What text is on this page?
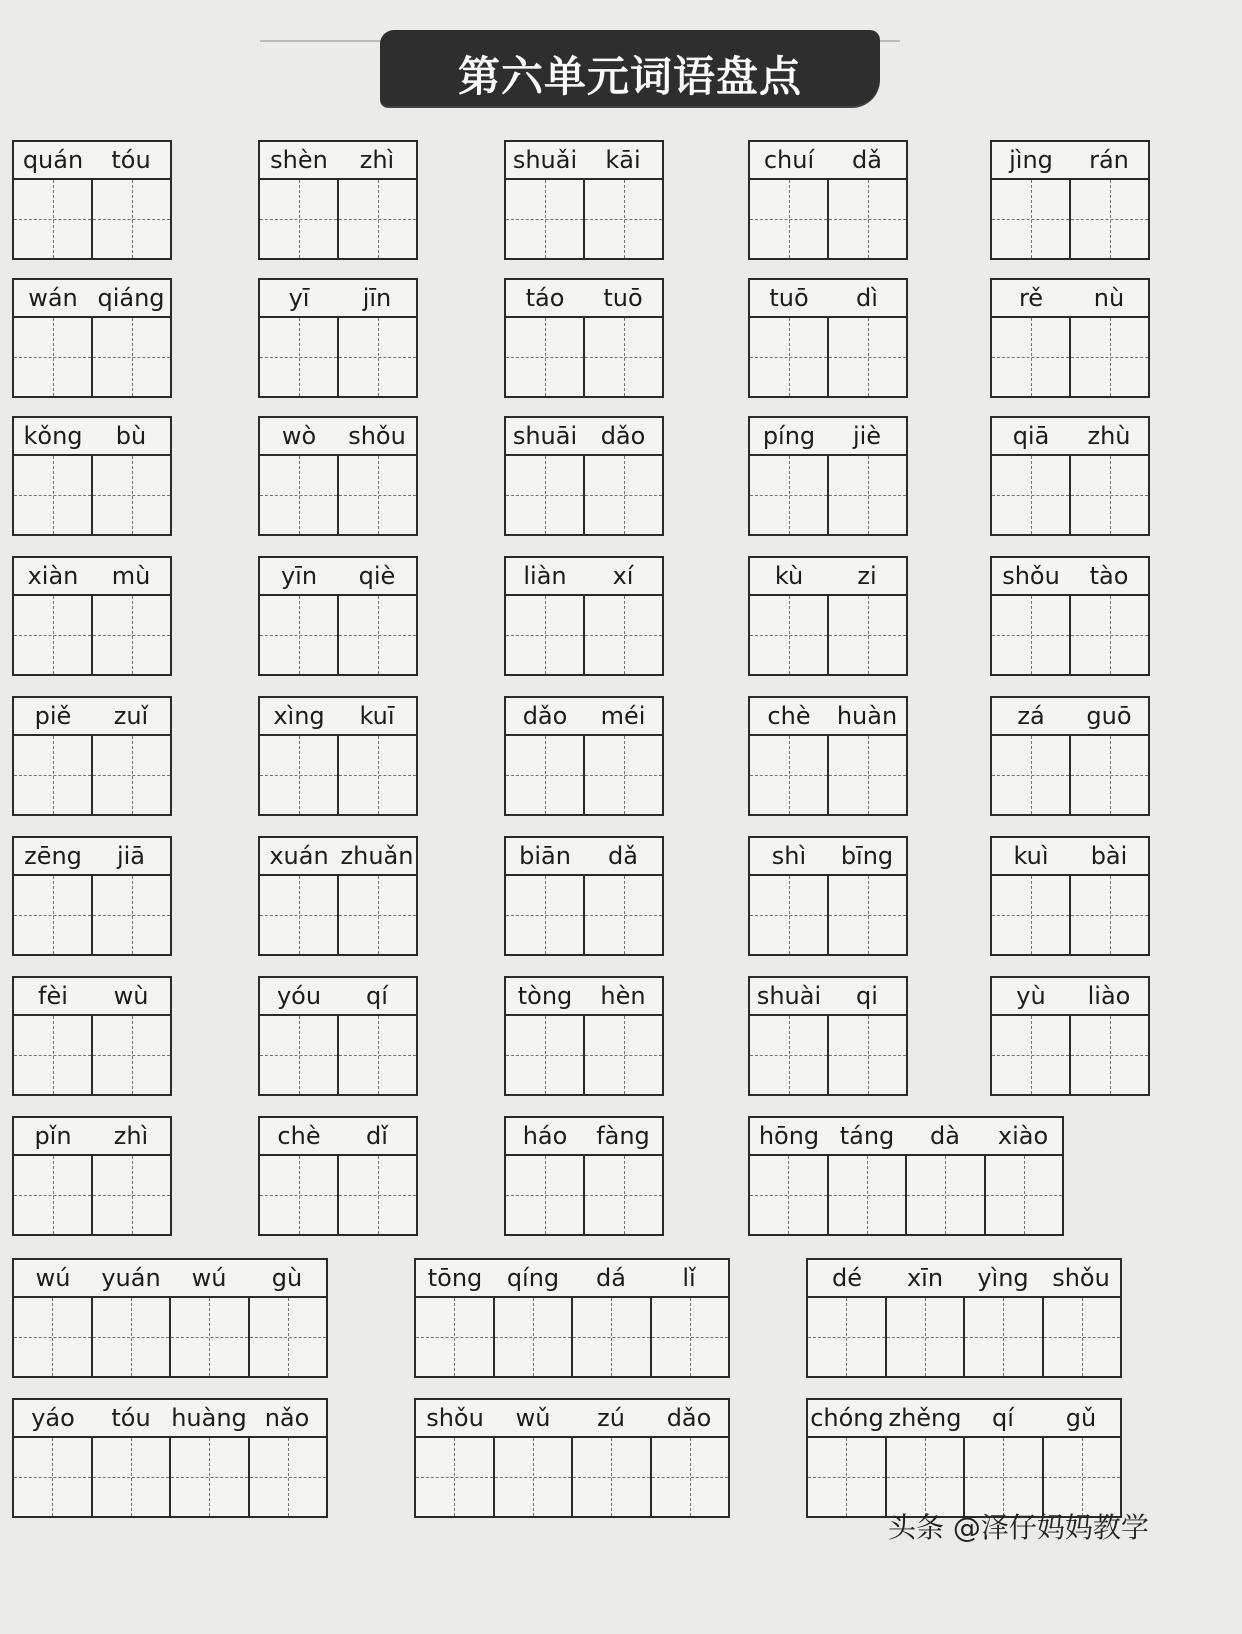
第六单元词语盘点
quán	tóu	shèn	zhì	shuǎi	kāi	chuí	dǎ	jìng	rán
wán qiáng	yī	jīn	táo	tuō	tuō	dì	rě	nù
kǒng	bù	wò	shǒu	shuāi dǎo	píng	jiè	qiā	zhù
xiàn	mù	yīn	qiè	liàn	xí	kù	zi	shǒu	tào
piě	zuǐ	xìng	kuī	dǎo	méi	chè	huàn	zá	guō
zēng	jiā	xuán zhuǎn	biān	dǎ	shì	bīng	kuì	bài
fèi	wù	yóu	qí	tòng	hèn	shuài	qi	yù	liào
pǐn	zhì	chè	dǐ	háo	fàng	hōng táng	dà	xiào
wú	yuán	wú	gù	tōng	qíng	dá	lǐ	dé	xīn	yìng shǒu
yáo	tóu huàng nǎo	shǒu	wǔ	zú	dǎo	chóng zhěng	qí	gǔ
头条 @泽仔妈妈教学
